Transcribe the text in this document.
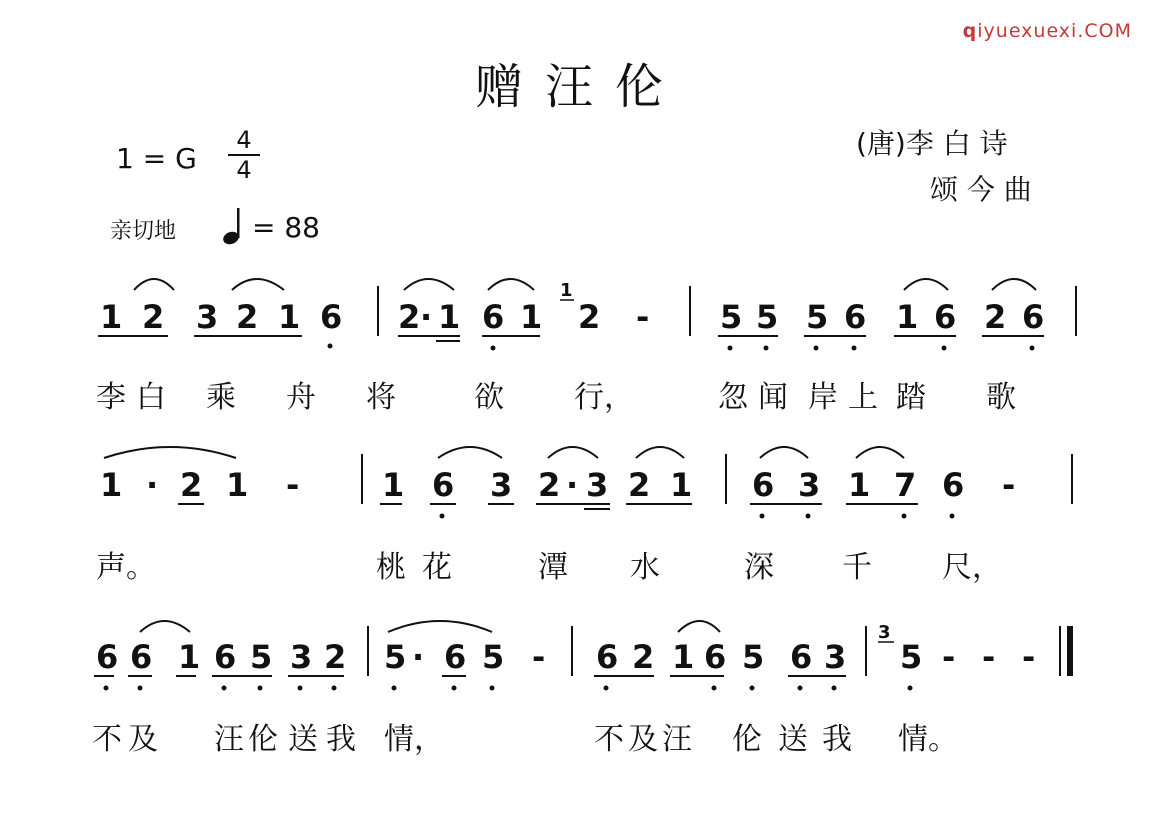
qiyuexuexi.COM
赠汪伦
1 = G
4
4
亲切地	= 88
(唐)李 白 诗
颂 今 曲
1 2 3 2 1 6 2 · 1 6 1
1
2 - 5 5 5 6 1 6 2 6
1 · 2 1 -	1 6 3 2 · 3 2 1 6 3 1 7 6 -
6 6 1 6 5 3 2 5 · 6 5 - 6 2 1 6 5 6 3
3
5 - - -
李 白 乘 舟 将	欲 行，	忽 闻 岸 上 踏 歌
声。	桃 花	潭 水	深 千 尺，
不 及 汪 伦 送 我 情，	不 及 汪 伦 送 我 情。
